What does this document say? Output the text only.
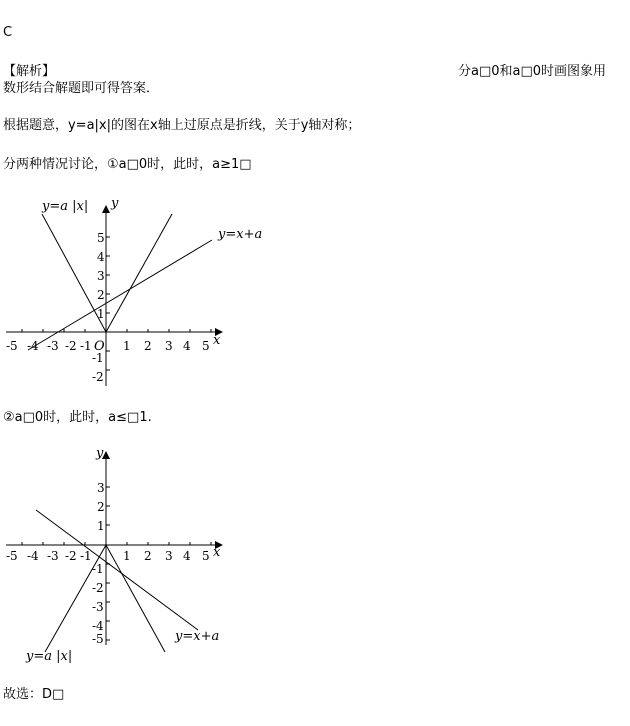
C
【解析】	分a□0和a□0时画图象用
数形结合解题即可得答案．
根据题意，y=a|x|的图在x轴上过原点是折线，关于y轴对称；
分两种情况讨论，①a□0时，此时，a≥1□
-5 -4 -3 -2 -1	1 2 3 4 5
5
4
3
2
1
-1
-2
O	x
y
y=a |x|
y=x+a
②a□0时，此时，a≤□1.
-5 -4 -3 -2 -1	1 2 3 4 5
3
2
1
-1
-2
-3
-4
-5
x
y
y=x+a
y=a |x|
故选：D□
